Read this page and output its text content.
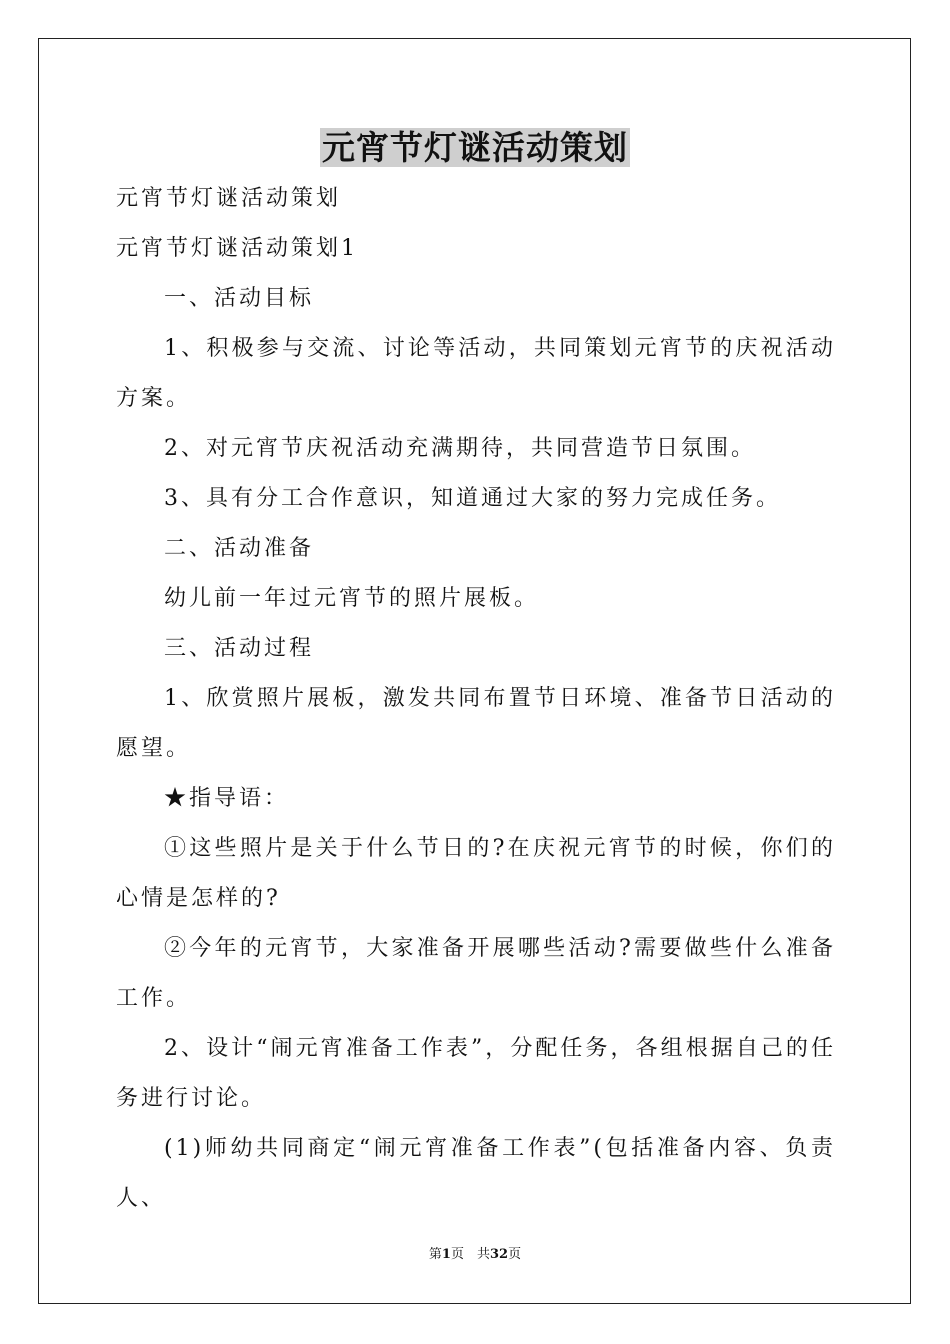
元宵节灯谜活动策划

元宵节灯谜活动策划

元宵节灯谜活动策划1

一、活动目标

1、积极参与交流、讨论等活动，共同策划元宵节的庆祝活动方案。

2、对元宵节庆祝活动充满期待，共同营造节日氛围。

3、具有分工合作意识，知道通过大家的努力完成任务。

二、活动准备

幼儿前一年过元宵节的照片展板。

三、活动过程

1、欣赏照片展板，激发共同布置节日环境、准备节日活动的愿望。

★指导语：

①这些照片是关于什么节日的?在庆祝元宵节的时候，你们的心情是怎样的?

②今年的元宵节，大家准备开展哪些活动?需要做些什么准备工作。

2、设计“闹元宵准备工作表”，分配任务，各组根据自己的任务进行讨论。

(1)师幼共同商定“闹元宵准备工作表”(包括准备内容、负责人、

第1页　共32页
